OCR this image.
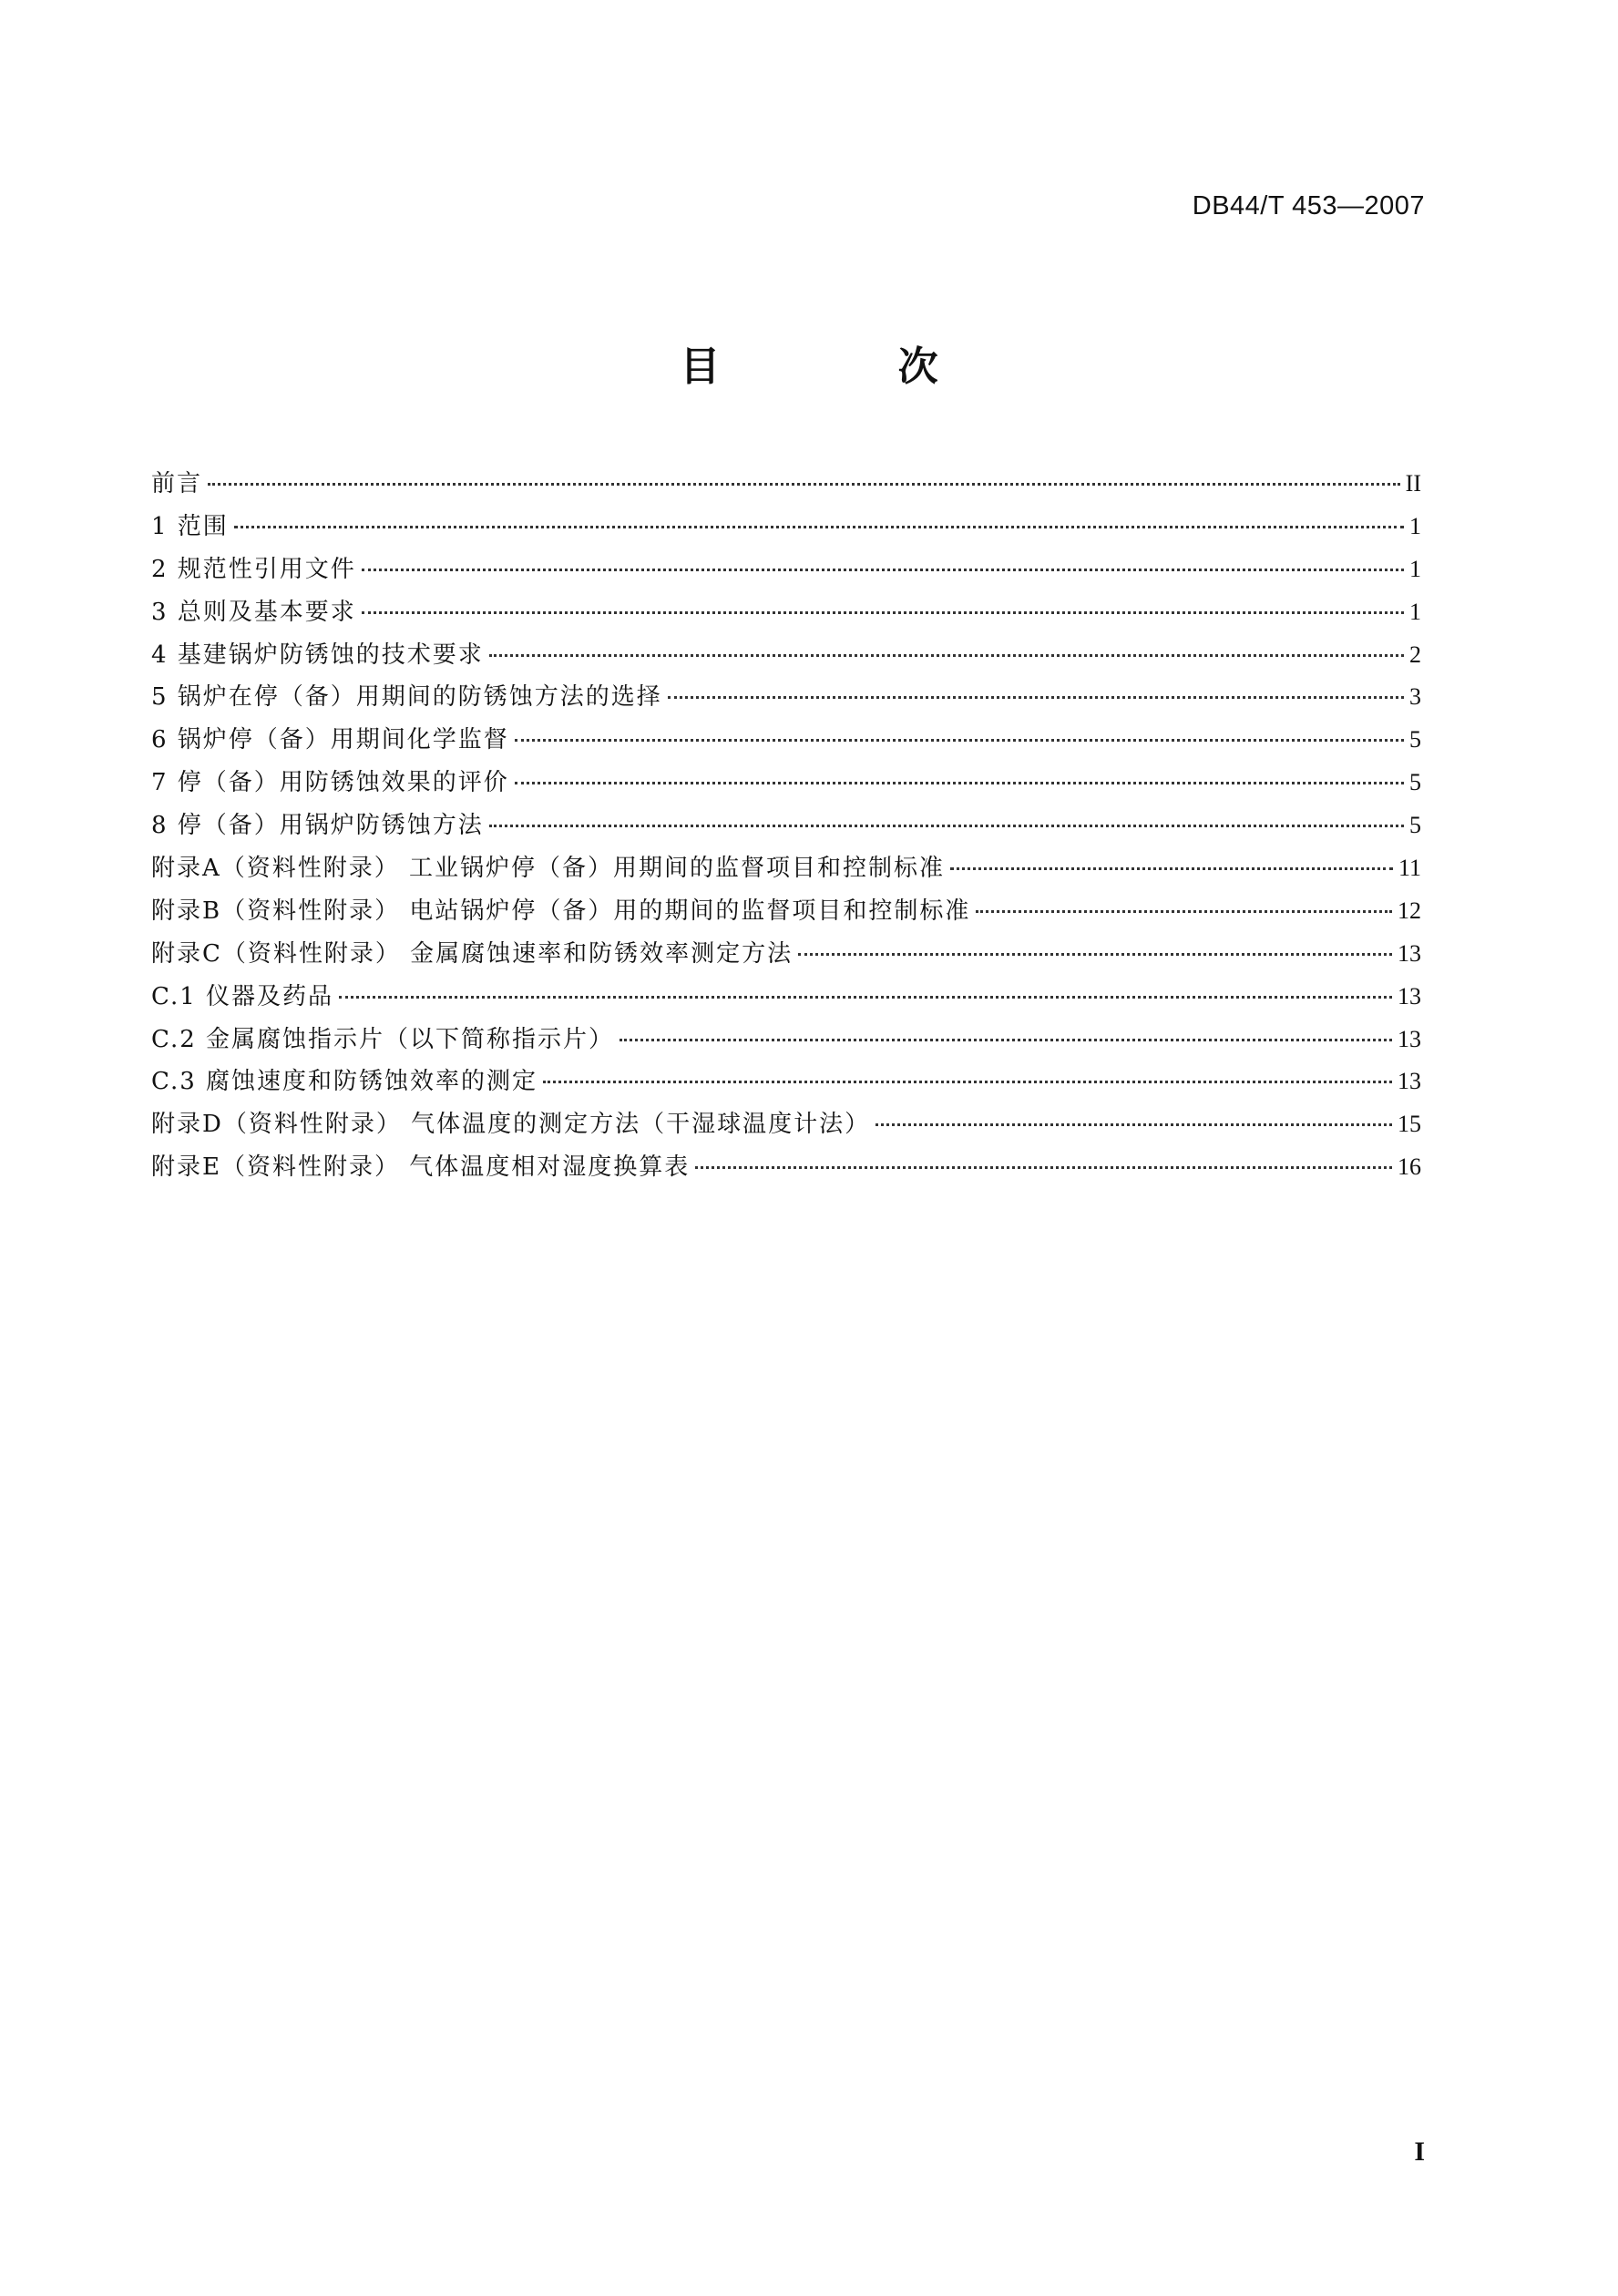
DB44/T 453—2007
目 次
前言	II
1 范围	1
2 规范性引用文件	1
3 总则及基本要求	1
4 基建锅炉防锈蚀的技术要求	2
5 锅炉在停（备）用期间的防锈蚀方法的选择	3
6 锅炉停（备）用期间化学监督	5
7 停（备）用防锈蚀效果的评价	5
8 停（备）用锅炉防锈蚀方法	5
附录A（资料性附录） 工业锅炉停（备）用期间的监督项目和控制标准	11
附录B（资料性附录） 电站锅炉停（备）用的期间的监督项目和控制标准	12
附录C（资料性附录） 金属腐蚀速率和防锈效率测定方法	13
C.1 仪器及药品	13
C.2 金属腐蚀指示片（以下简称指示片）	13
C.3 腐蚀速度和防锈蚀效率的测定	13
附录D（资料性附录） 气体温度的测定方法（干湿球温度计法）	15
附录E（资料性附录） 气体温度相对湿度换算表	16
I
